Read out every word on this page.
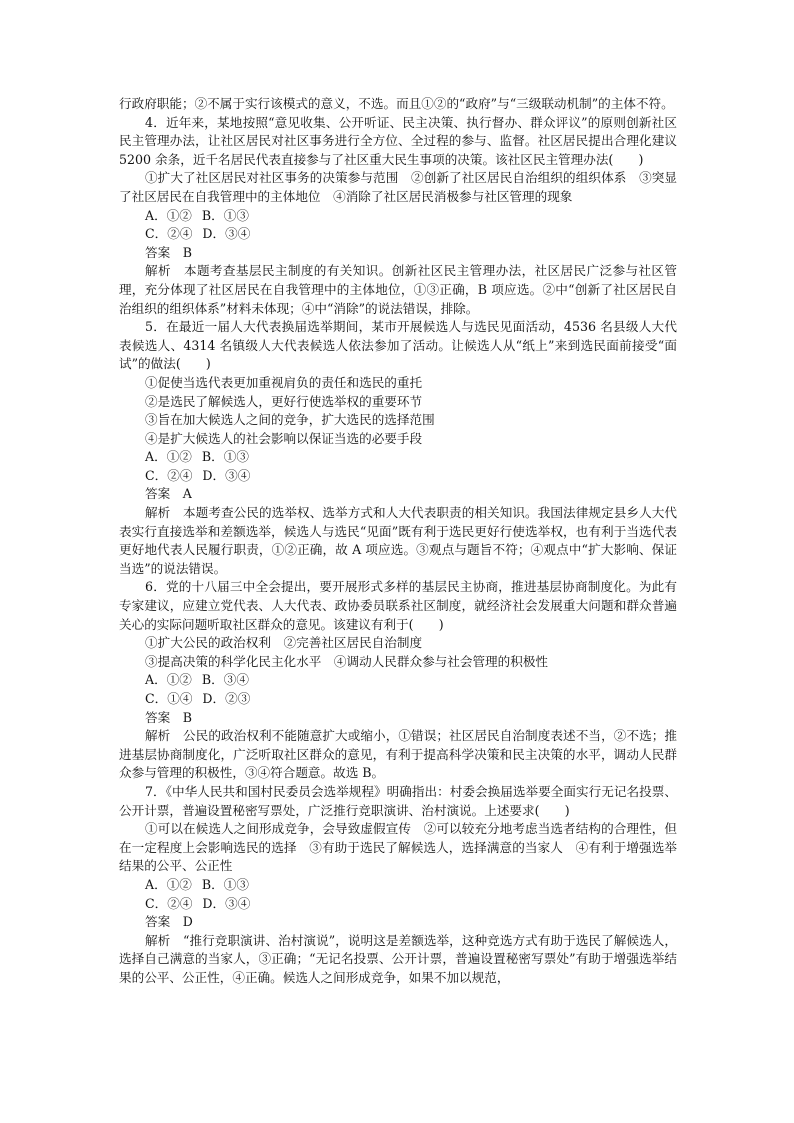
行政府职能；②不属于实行该模式的意义，不选。而且①②的“政府”与“三级联动机制”的主体不符。

4．近年来，某地按照“意见收集、公开听证、民主决策、执行督办、群众评议”的原则创新社区民主管理办法，让社区居民对社区事务进行全方位、全过程的参与、监督。社区居民提出合理化建议 5200 余条，近千名居民代表直接参与了社区重大民生事项的决策。该社区民主管理办法(　　)

①扩大了社区居民对社区事务的决策参与范围　②创新了社区居民自治组织的组织体系　③突显了社区居民在自我管理中的主体地位　④消除了社区居民消极参与社区管理的现象

A．①② B．①③
C．②④ D．③④

答案　B

解析　本题考查基层民主制度的有关知识。创新社区民主管理办法，社区居民广泛参与社区管理，充分体现了社区居民在自我管理中的主体地位，①③正确，B 项应选。②中“创新了社区居民自治组织的组织体系”材料未体现；④中“消除”的说法错误，排除。

5．在最近一届人大代表换届选举期间，某市开展候选人与选民见面活动，4536 名县级人大代表候选人、4314 名镇级人大代表候选人依法参加了活动。让候选人从“纸上”来到选民面前接受“面试”的做法(　　)

①促使当选代表更加重视肩负的责任和选民的重托

②是选民了解候选人，更好行使选举权的重要环节

③旨在加大候选人之间的竞争，扩大选民的选择范围

④是扩大候选人的社会影响以保证当选的必要手段

A．①② B．①③
C．②④ D．③④

答案　A

解析　本题考查公民的选举权、选举方式和人大代表职责的相关知识。我国法律规定县乡人大代表实行直接选举和差额选举，候选人与选民“见面”既有利于选民更好行使选举权，也有利于当选代表更好地代表人民履行职责，①②正确，故 A 项应选。③观点与题旨不符；④观点中“扩大影响、保证当选”的说法错误。

6．党的十八届三中全会提出，要开展形式多样的基层民主协商，推进基层协商制度化。为此有专家建议，应建立党代表、人大代表、政协委员联系社区制度，就经济社会发展重大问题和群众普遍关心的实际问题听取社区群众的意见。该建议有利于(　　)

①扩大公民的政治权利　②完善社区居民自治制度

③提高决策的科学化民主化水平　④调动人民群众参与社会管理的积极性

A．①② B．③④
C．①④ D．②③

答案　B

解析　公民的政治权利不能随意扩大或缩小，①错误；社区居民自治制度表述不当，②不选；推进基层协商制度化，广泛听取社区群众的意见，有利于提高科学决策和民主决策的水平，调动人民群众参与管理的积极性，③④符合题意。故选 B。

7．《中华人民共和国村民委员会选举规程》明确指出：村委会换届选举要全面实行无记名投票、公开计票，普遍设置秘密写票处，广泛推行竞职演讲、治村演说。上述要求(　　)

①可以在候选人之间形成竞争，会导致虚假宣传　②可以较充分地考虑当选者结构的合理性，但在一定程度上会影响选民的选择　③有助于选民了解候选人，选择满意的当家人　④有利于增强选举结果的公平、公正性

A．①② B．①③
C．②④ D．③④

答案　D

解析　“推行竞职演讲、治村演说”，说明这是差额选举，这种竞选方式有助于选民了解候选人，选择自己满意的当家人，③正确；“无记名投票、公开计票，普遍设置秘密写票处”有助于增强选举结果的公平、公正性，④正确。候选人之间形成竞争，如果不加以规范，
